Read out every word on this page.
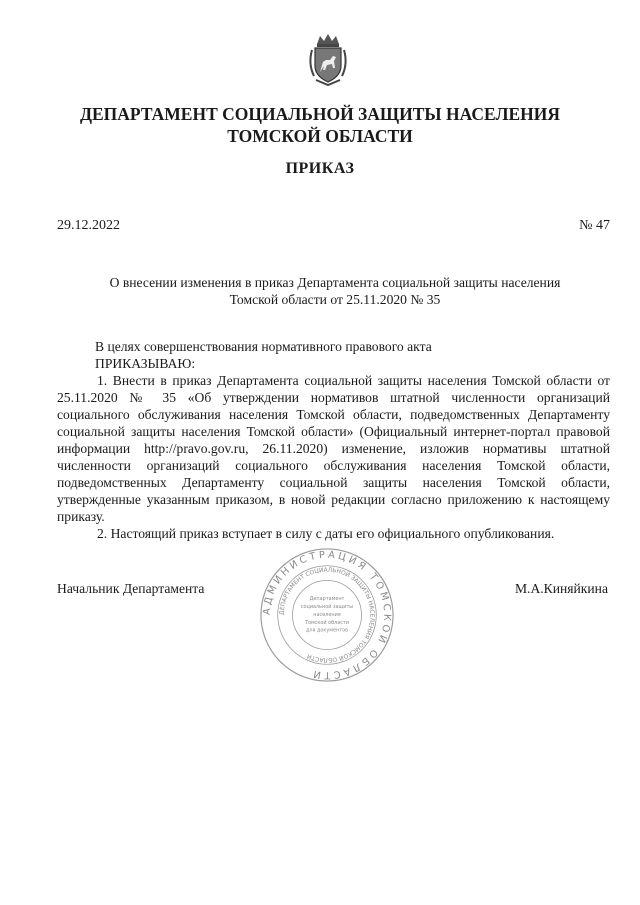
ДЕПАРТАМЕНТ СОЦИАЛЬНОЙ ЗАЩИТЫ НАСЕЛЕНИЯ
ТОМСКОЙ ОБЛАСТИ
ПРИКАЗ
29.12.2022	№ 47
О внесении изменения в приказ Департамента социальной защиты населения
Томской области от 25.11.2020 № 35

В целях совершенствования нормативного правового акта

ПРИКАЗЫВАЮ:

1. Внести в приказ Департамента социальной защиты населения Томской области от 25.11.2020 № 35 «Об утверждении нормативов штатной численности организаций социального обслуживания населения Томской области, подведомственных Департаменту социальной защиты населения Томской области» (Официальный интернет-портал правовой информации http://pravo.gov.ru, 26.11.2020) изменение, изложив нормативы штатной численности организаций социального обслуживания населения Томской области, подведомственных Департаменту социальной защиты населения Томской области, утвержденные указанным приказом, в новой редакции согласно приложению к настоящему приказу.

2. Настоящий приказ вступает в силу с даты его официального опубликования.

Начальник Департамента	М.А.Киняйкина
АДМИНИСТРАЦИЯ ТОМСКОЙ ОБЛАСТИ
ДЕПАРТАМЕНТ СОЦИАЛЬНОЙ ЗАЩИТЫ НАСЕЛЕНИЯ ТОМСКОЙ ОБЛАСТИ
Департамент
социальной защиты
населения
Томской области
для документов
